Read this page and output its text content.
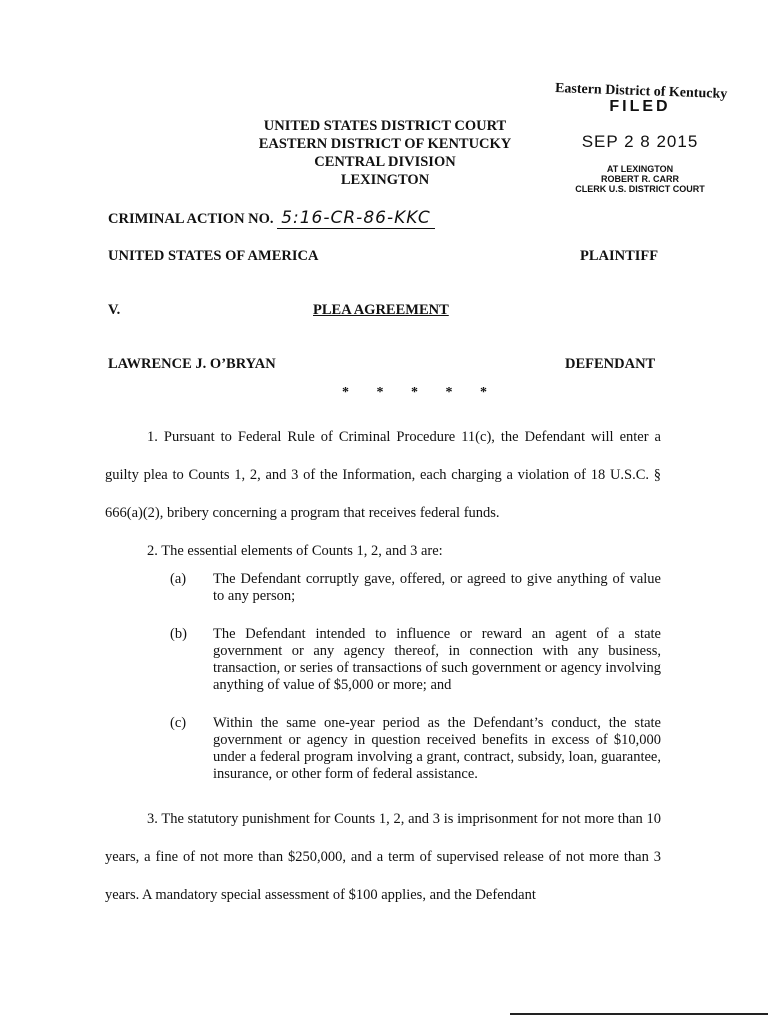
UNITED STATES DISTRICT COURT
EASTERN DISTRICT OF KENTUCKY
CENTRAL DIVISION
LEXINGTON
Eastern District of Kentucky
FILED
SEP 2 8 2015
AT LEXINGTON
ROBERT R. CARR
CLERK U.S. DISTRICT COURT
CRIMINAL ACTION NO. 5:16-CR-86-KKC
UNITED STATES OF AMERICA	PLAINTIFF
V.	PLEA AGREEMENT
LAWRENCE J. O’BRYAN	DEFENDANT
* * * * *

1. Pursuant to Federal Rule of Criminal Procedure 11(c), the Defendant will enter a guilty plea to Counts 1, 2, and 3 of the Information, each charging a violation of 18 U.S.C. § 666(a)(2), bribery concerning a program that receives federal funds.

2. The essential elements of Counts 1, 2, and 3 are:

(a) The Defendant corruptly gave, offered, or agreed to give anything of value to any person;
(b) The Defendant intended to influence or reward an agent of a state government or any agency thereof, in connection with any business, transaction, or series of transactions of such government or agency involving anything of value of $5,000 or more; and
(c) Within the same one-year period as the Defendant’s conduct, the state government or agency in question received benefits in excess of $10,000 under a federal program involving a grant, contract, subsidy, loan, guarantee, insurance, or other form of federal assistance.

3. The statutory punishment for Counts 1, 2, and 3 is imprisonment for not more than 10 years, a fine of not more than $250,000, and a term of supervised release of not more than 3 years. A mandatory special assessment of $100 applies, and the Defendant
